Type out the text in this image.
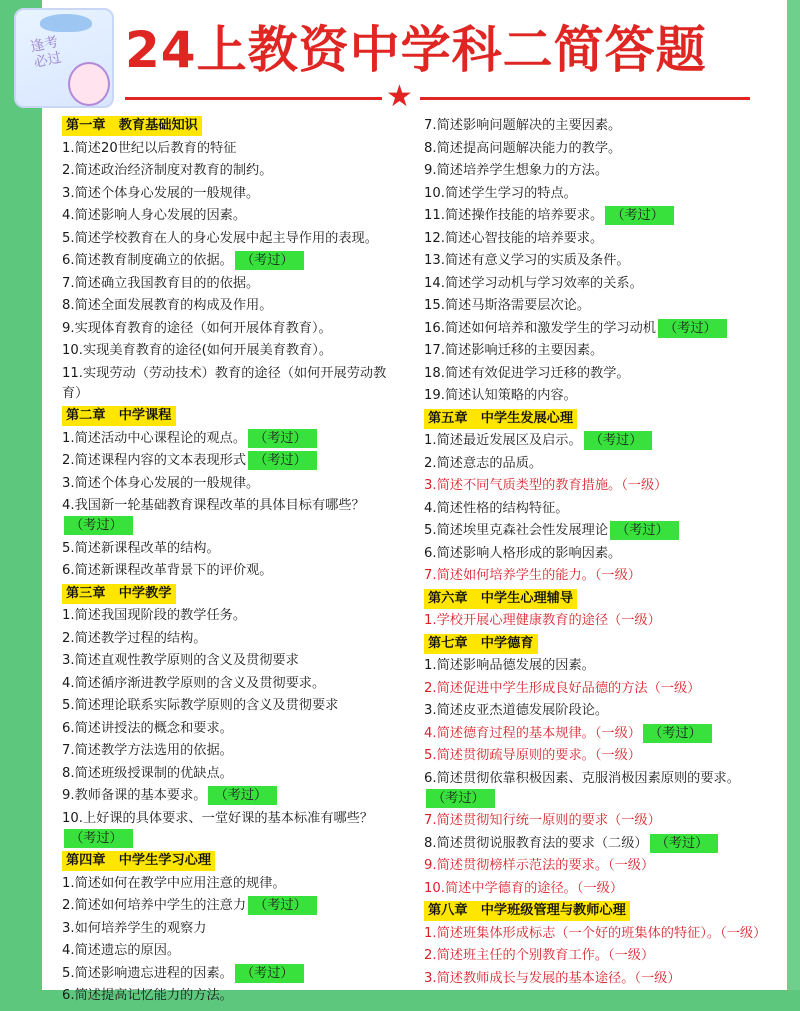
逢考必过 24上教资中学科二简答题
★
第一章　教育基础知识
1.简述20世纪以后教育的特征
2.简述政治经济制度对教育的制约。
3.简述个体身心发展的一般规律。
4.简述影响人身心发展的因素。
5.简述学校教育在人的身心发展中起主导作用的表现。
6.简述教育制度确立的依据。 （考过）
7.简述确立我国教育目的的依据。
8.简述全面发展教育的构成及作用。
9.实现体育教育的途径（如何开展体育教育）。
10.实现美育教育的途径(如何开展美育教育）。
11.实现劳动（劳动技术）教育的途径（如何开展劳动教育）
第二章　中学课程
1.简述活动中心课程论的观点。 （考过）
2.简述课程内容的文本表现形式 （考过）
3.简述个体身心发展的一般规律。
4.我国新一轮基础教育课程改革的具体目标有哪些？（考过）
5.简述新课程改革的结构。
6.简述新课程改革背景下的评价观。
第三章　中学教学
1.简述我国现阶段的教学任务。
2.简述教学过程的结构。
3.简述直观性教学原则的含义及贯彻要求
4.简述循序渐进教学原则的含义及贯彻要求。
5.简述理论联系实际教学原则的含义及贯彻要求
6.简述讲授法的概念和要求。
7.简述教学方法选用的依据。
8.简述班级授课制的优缺点。
9.教师备课的基本要求。 （考过）
10.上好课的具体要求、一堂好课的基本标准有哪些？（考过）
第四章　中学生学习心理
1.简述如何在教学中应用注意的规律。
2.简述如何培养中学生的注意力 （考过）
3.如何培养学生的观察力
4.简述遗忘的原因。
5.简述影响遗忘进程的因素。 （考过）
6.简述提高记忆能力的方法。
7.简述影响问题解决的主要因素。
8.简述提高问题解决能力的教学。
9.简述培养学生想象力的方法。
10.简述学生学习的特点。
11.简述操作技能的培养要求。 （考过）
12.简述心智技能的培养要求。
13.简述有意义学习的实质及条件。
14.简述学习动机与学习效率的关系。
15.简述马斯洛需要层次论。
16.简述如何培养和激发学生的学习动机 （考过）
17.简述影响迁移的主要因素。
18.简述有效促进学习迁移的教学。
19.简述认知策略的内容。
第五章　中学生发展心理
1.简述最近发展区及启示。 （考过）
2.简述意志的品质。
3.简述不同气质类型的教育措施。（一级）
4.简述性格的结构特征。
5.简述埃里克森社会性发展理论 （考过）
6.简述影响人格形成的影响因素。
7.简述如何培养学生的能力。（一级）
第六章　中学生心理辅导
1.学校开展心理健康教育的途径（一级）
第七章　中学德育
1.简述影响品德发展的因素。
2.简述促进中学生形成良好品德的方法（一级）
3.简述皮亚杰道德发展阶段论。
4.简述德育过程的基本规律。（一级） （考过）
5.简述贯彻疏导原则的要求。（一级）
6.简述贯彻依靠积极因素、克服消极因素原则的要求。（考过）
7.简述贯彻知行统一原则的要求（一级）
8.简述贯彻说服教育法的要求（二级） （考过）
9.简述贯彻榜样示范法的要求。（一级）
10.简述中学德育的途径。（一级）
第八章　中学班级管理与教师心理
1.简述班集体形成标志（一个好的班集体的特征）。（一级）
2.简述班主任的个别教育工作。（一级）
3.简述教师成长与发展的基本途径。（一级）
